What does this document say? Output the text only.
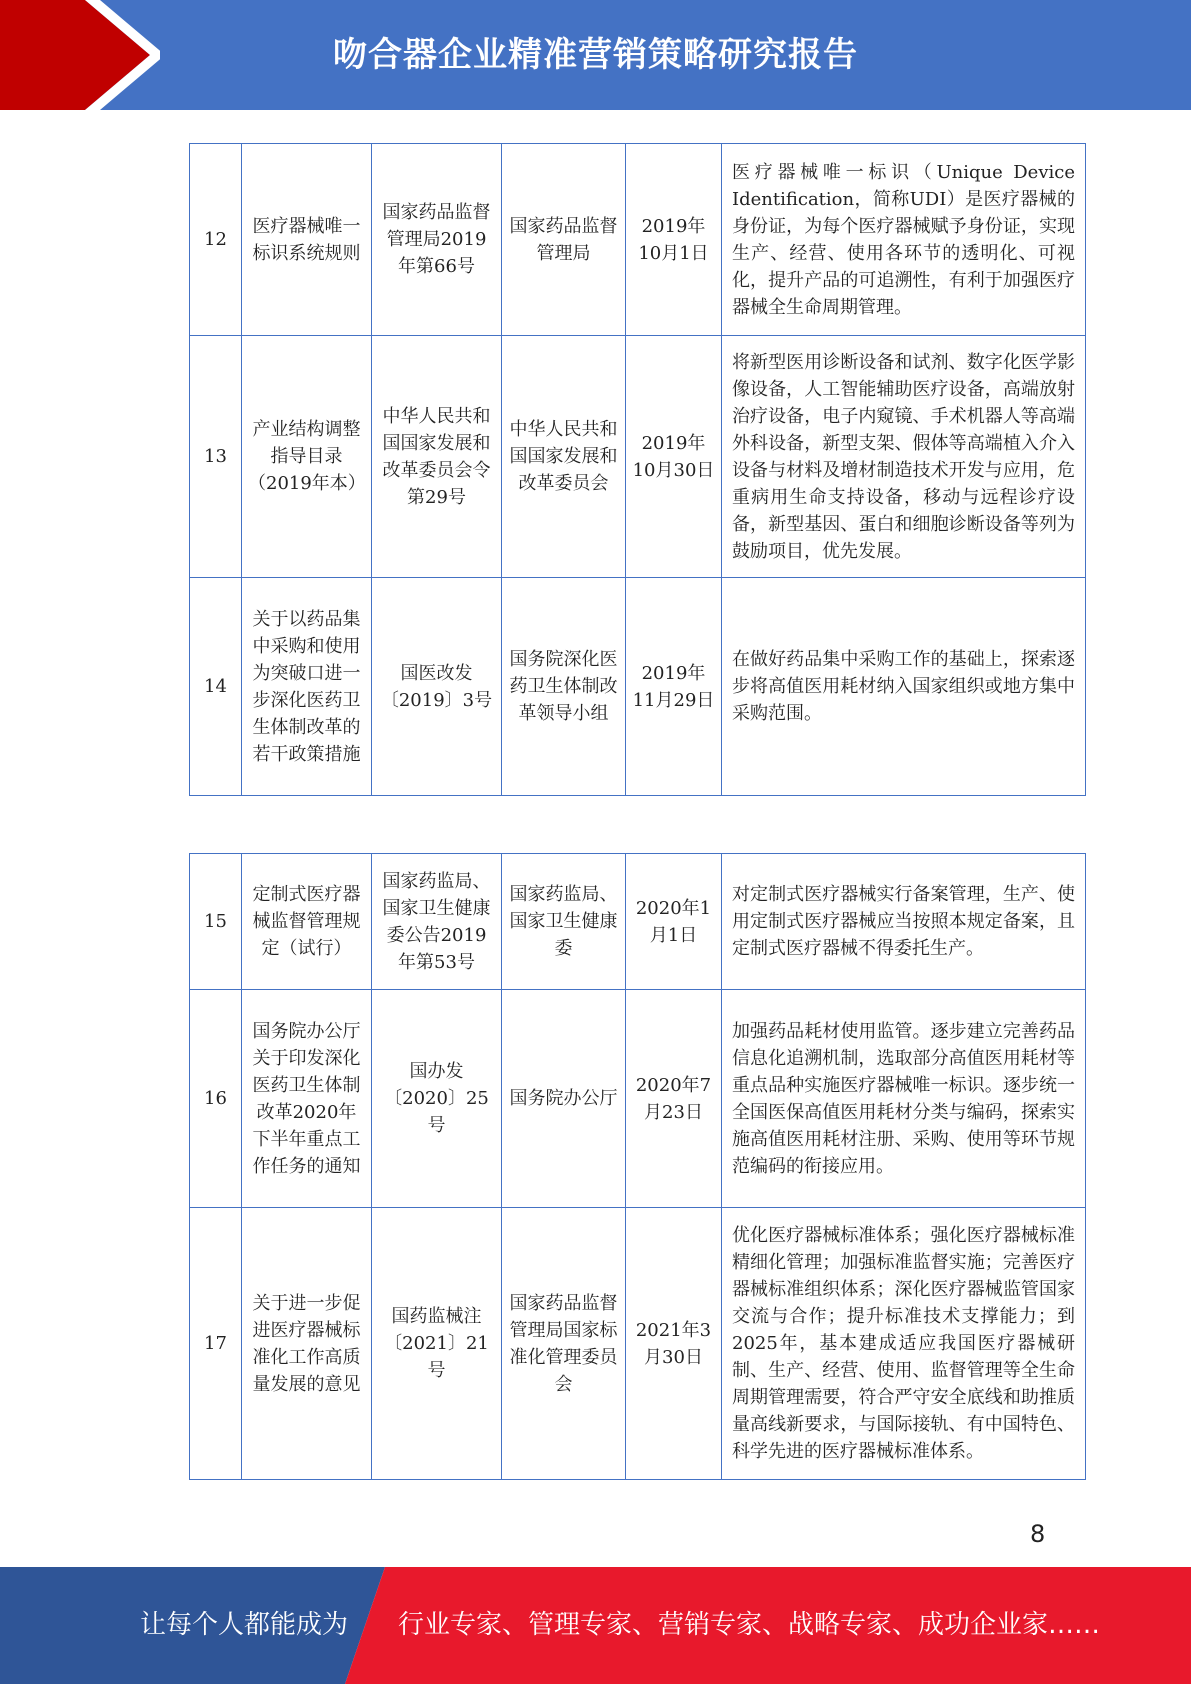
吻合器企业精准营销策略研究报告
12	医疗器械唯一标识系统规则	国家药品监督管理局2019年第66号	国家药品监督管理局	2019年10月1日	医疗器械唯一标识（Unique Device Identification，简称UDI）是医疗器械的身份证，为每个医疗器械赋予身份证，实现生产、经营、使用各环节的透明化、可视化，提升产品的可追溯性，有利于加强医疗器械全生命周期管理。
13	产业结构调整指导目录（2019年本）	中华人民共和国国家发展和改革委员会令第29号	中华人民共和国国家发展和改革委员会	2019年10月30日	将新型医用诊断设备和试剂、数字化医学影像设备，人工智能辅助医疗设备，高端放射治疗设备，电子内窥镜、手术机器人等高端外科设备，新型支架、假体等高端植入介入设备与材料及增材制造技术开发与应用，危重病用生命支持设备，移动与远程诊疗设备，新型基因、蛋白和细胞诊断设备等列为鼓励项目，优先发展。
14	关于以药品集中采购和使用为突破口进一步深化医药卫生体制改革的若干政策措施	国医改发〔2019〕3号	国务院深化医药卫生体制改革领导小组	2019年11月29日	在做好药品集中采购工作的基础上，探索逐步将高值医用耗材纳入国家组织或地方集中采购范围。
15	定制式医疗器械监督管理规定（试行）	国家药监局、国家卫生健康委公告2019年第53号	国家药监局、国家卫生健康委	2020年1月1日	对定制式医疗器械实行备案管理，生产、使用定制式医疗器械应当按照本规定备案，且定制式医疗器械不得委托生产。
16	国务院办公厅关于印发深化医药卫生体制改革2020年下半年重点工作任务的通知	国办发〔2020〕25号	国务院办公厅	2020年7月23日	加强药品耗材使用监管。逐步建立完善药品信息化追溯机制，选取部分高值医用耗材等重点品种实施医疗器械唯一标识。逐步统一全国医保高值医用耗材分类与编码，探索实施高值医用耗材注册、采购、使用等环节规范编码的衔接应用。
17	关于进一步促进医疗器械标准化工作高质量发展的意见	国药监械注〔2021〕21号	国家药品监督管理局国家标准化管理委员会	2021年3月30日	优化医疗器械标准体系；强化医疗器械标准精细化管理；加强标准监督实施；完善医疗器械标准组织体系；深化医疗器械监管国家交流与合作；提升标准技术支撑能力；到2025年，基本建成适应我国医疗器械研制、生产、经营、使用、监督管理等全生命周期管理需要，符合严守安全底线和助推质量高线新要求，与国际接轨、有中国特色、科学先进的医疗器械标准体系。
8
让每个人都能成为 行业专家、管理专家、营销专家、战略专家、成功企业家……
